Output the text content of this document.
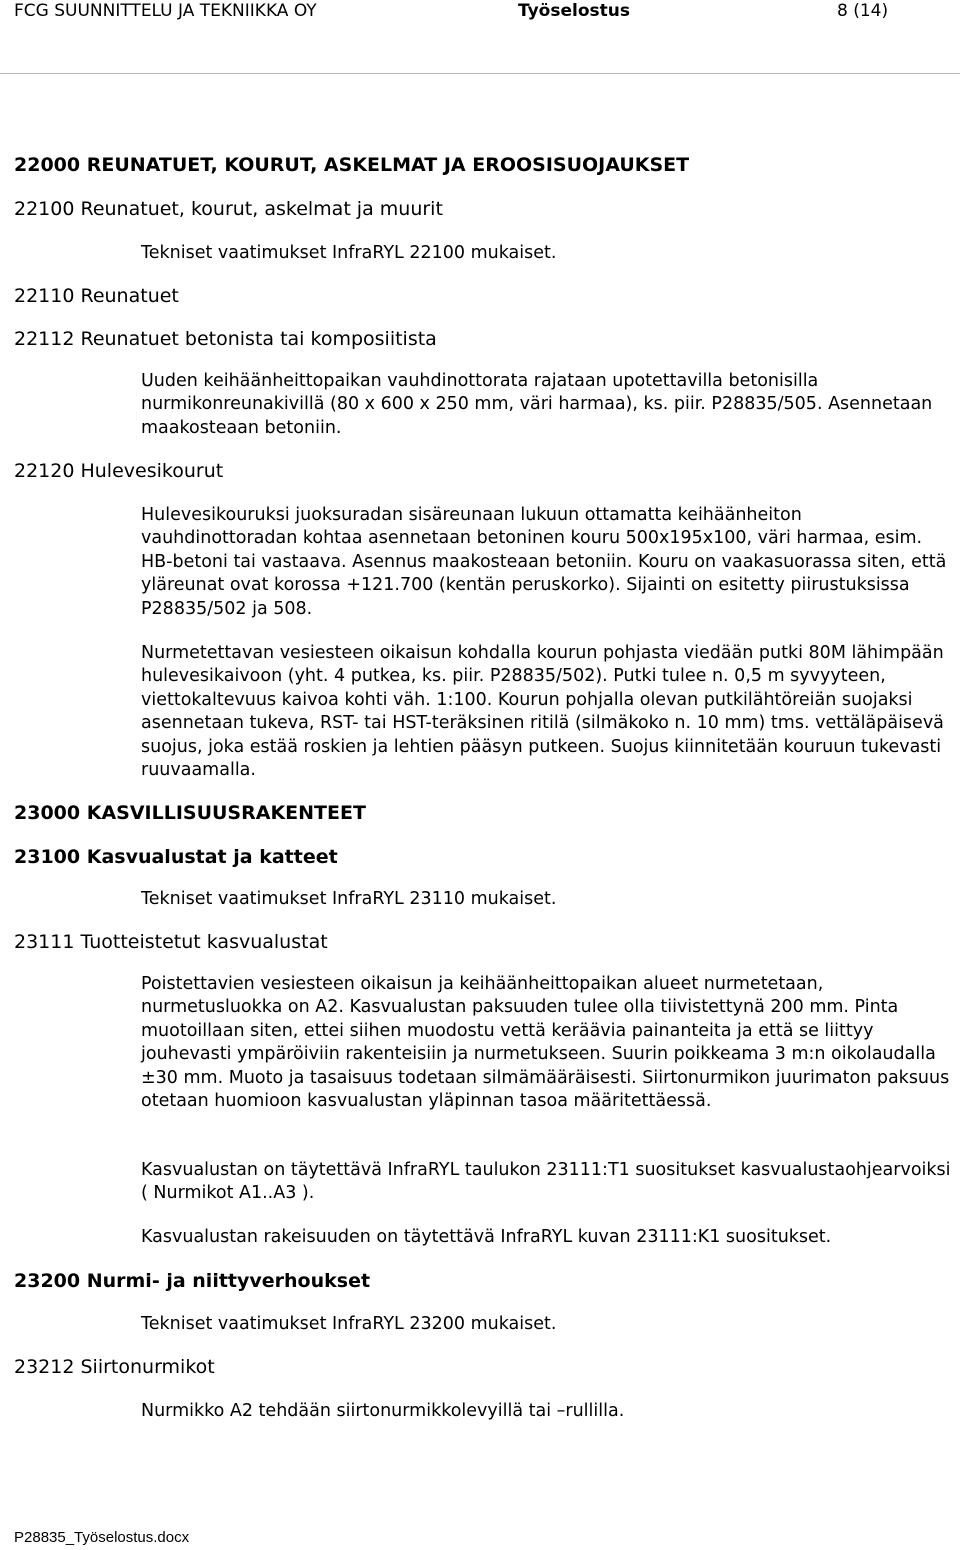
FCG SUUNNITTELU JA TEKNIIKKA OY	Työselostus	8 (14)
22000 REUNATUET, KOURUT, ASKELMAT JA EROOSISUOJAUKSET
22100 Reunatuet, kourut, askelmat ja muurit
Tekniset vaatimukset InfraRYL 22100 mukaiset.
22110 Reunatuet
22112 Reunatuet betonista tai komposiitista

Uuden keihäänheittopaikan vauhdinottorata rajataan upotettavilla betonisilla nurmikonreunakivillä (80 x 600 x 250 mm, väri harmaa), ks. piir. P28835/505. Asennetaan maakosteaan betoniin.

22120 Hulevesikourut

Hulevesikouruksi juoksuradan sisäreunaan lukuun ottamatta keihäänheiton vauhdinottoradan kohtaa asennetaan betoninen kouru 500x195x100, väri harmaa, esim. HB-betoni tai vastaava. Asennus maakosteaan betoniin. Kouru on vaakasuorassa siten, että yläreunat ovat korossa +121.700 (kentän peruskorko). Sijainti on esitetty piirustuksissa P28835/502 ja 508.

Nurmetettavan vesiesteen oikaisun kohdalla kourun pohjasta viedään putki 80M lähimpään hulevesikaivoon (yht. 4 putkea, ks. piir. P28835/502). Putki tulee n. 0,5 m syvyyteen, viettokaltevuus kaivoa kohti väh. 1:100. Kourun pohjalla olevan putkilähtöreiän suojaksi asennetaan tukeva, RST- tai HST-teräksinen ritilä (silmäkoko n. 10 mm) tms. vettäläpäisevä suojus, joka estää roskien ja lehtien pääsyn putkeen. Suojus kiinnitetään kouruun tukevasti ruuvaamalla.

23000 KASVILLISUUSRAKENTEET
23100 Kasvualustat ja katteet
Tekniset vaatimukset InfraRYL 23110 mukaiset.
23111 Tuotteistetut kasvualustat

Poistettavien vesiesteen oikaisun ja keihäänheittopaikan alueet nurmetetaan, nurmetusluokka on A2. Kasvualustan paksuuden tulee olla tiivistettynä 200 mm. Pinta muotoillaan siten, ettei siihen muodostu vettä keräävia painanteita ja että se liittyy jouhevasti ympäröiviin rakenteisiin ja nurmetukseen. Suurin poikkeama 3 m:n oikolaudalla ±30 mm. Muoto ja tasaisuus todetaan silmämääräisesti. Siirtonurmikon juurimaton paksuus otetaan huomioon kasvualustan yläpinnan tasoa määritettäessä.

Kasvualustan on täytettävä InfraRYL taulukon 23111:T1 suositukset kasvualustaohjearvoiksi ( Nurmikot A1..A3 ).

Kasvualustan rakeisuuden on täytettävä InfraRYL kuvan 23111:K1 suositukset.
23200 Nurmi- ja niittyverhoukset
Tekniset vaatimukset InfraRYL 23200 mukaiset.
23212 Siirtonurmikot
Nurmikko A2 tehdään siirtonurmikkolevyillä tai –rullilla.
P28835_Työselostus.docx
